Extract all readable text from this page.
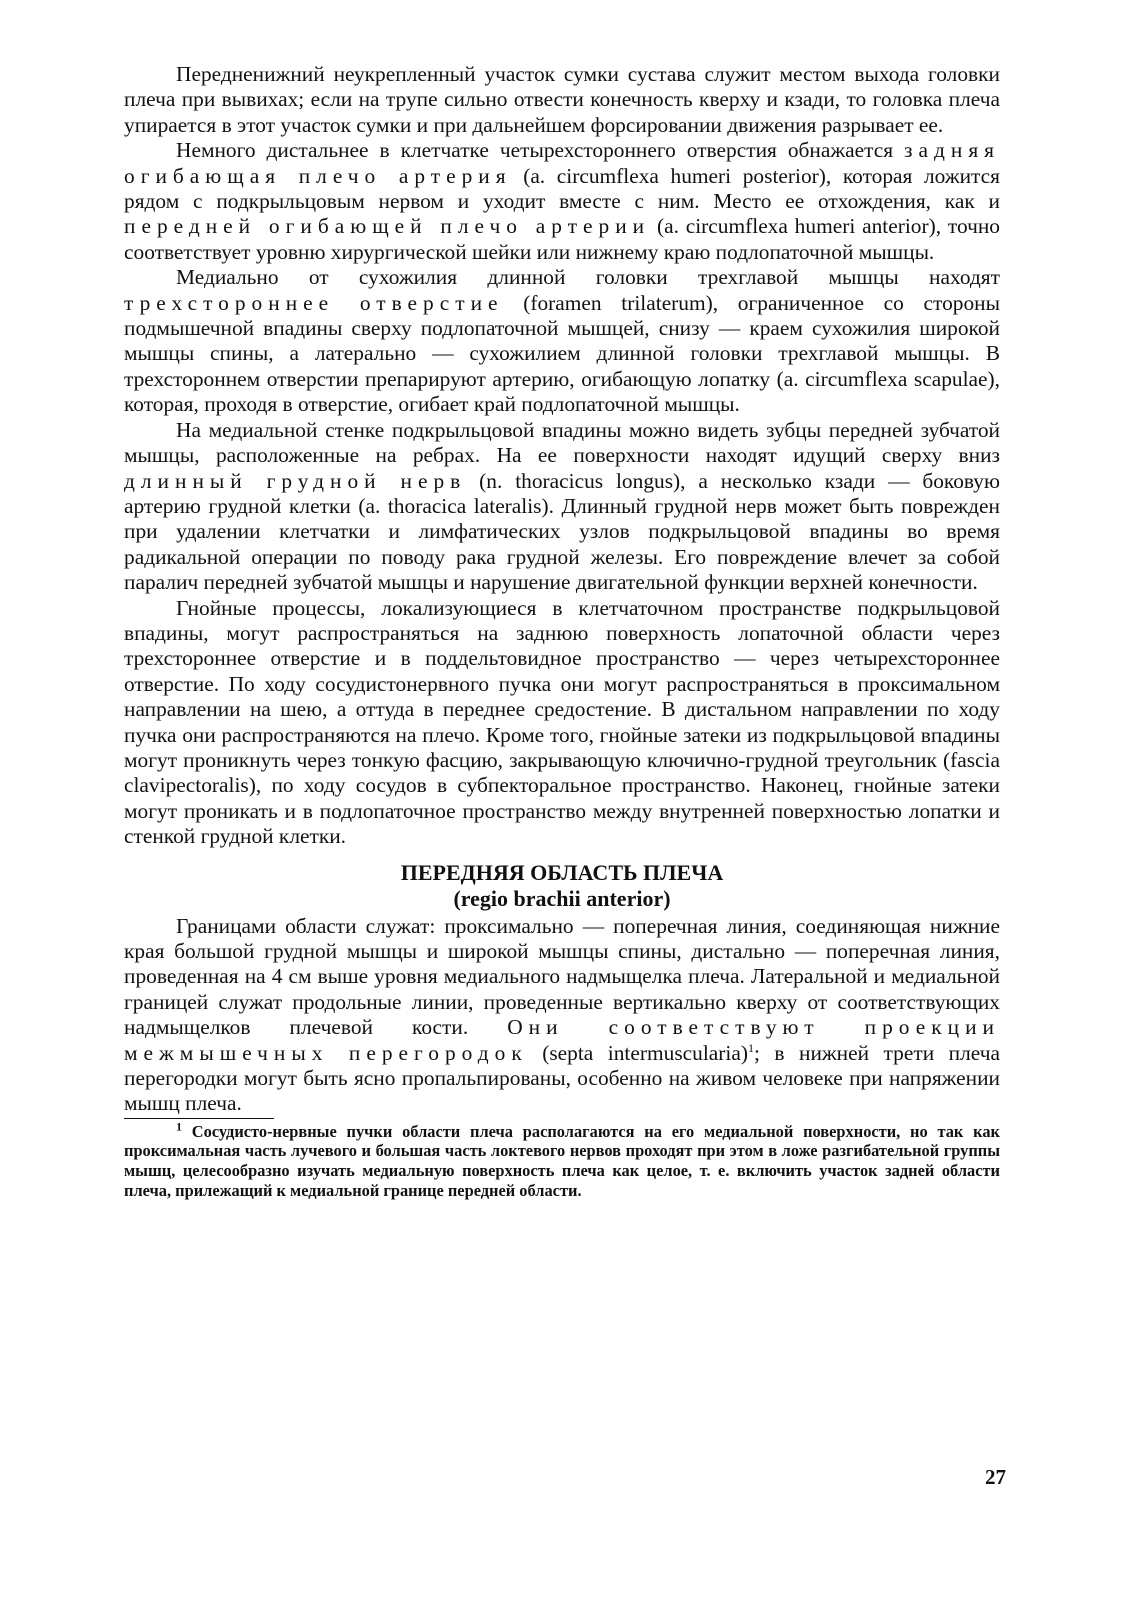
Передненижний неукрепленный участок сумки сустава служит местом выхода головки плеча при вывихах; если на трупе сильно отвести конечность кверху и кзади, то головка плеча упирается в этот участок сумки и при дальнейшем форсировании движения разрывает ее.

Немного дистальнее в клетчатке четырехстороннего отверстия обнажается задняя огибающая плечо артерия (a. circumflexa humeri posterior), которая ложится рядом с подкрыльцовым нервом и уходит вместе с ним. Место ее отхождения, как и передней огибающей плечо артерии (a. circumflexa humeri anterior), точно соответствует уровню хирургической шейки или нижнему краю подлопаточной мышцы.

Медиально от сухожилия длинной головки трехглавой мышцы находят трехстороннее отверстие (foramen trilaterum), ограниченное со стороны подмышечной впадины сверху подлопаточной мышцей, снизу — краем сухожилия широкой мышцы спины, а латерально — сухожилием длинной головки трехглавой мышцы. В трехстороннем отверстии препарируют артерию, огибающую лопатку (a. circumflexa scapulae), которая, проходя в отверстие, огибает край подлопаточной мышцы.

На медиальной стенке подкрыльцовой впадины можно видеть зубцы передней зубчатой мышцы, расположенные на ребрах. На ее поверхности находят идущий сверху вниз длинный грудной нерв (n. thoracicus longus), а несколько кзади — боковую артерию грудной клетки (a. thoracica lateralis). Длинный грудной нерв может быть поврежден при удалении клетчатки и лимфатических узлов подкрыльцовой впадины во время радикальной операции по поводу рака грудной железы. Его повреждение влечет за собой паралич передней зубчатой мышцы и нарушение двигательной функции верхней конечности.

Гнойные процессы, локализующиеся в клетчаточном пространстве подкрыльцовой впадины, могут распространяться на заднюю поверхность лопаточной области через трехстороннее отверстие и в поддельтовидное пространство — через четырехстороннее отверстие. По ходу сосудистонервного пучка они могут распространяться в проксимальном направлении на шею, а оттуда в переднее средостение. В дистальном направлении по ходу пучка они распространяются на плечо. Кроме того, гнойные затеки из подкрыльцовой впадины могут проникнуть через тонкую фасцию, закрывающую ключично-грудной треугольник (fascia clavipectoralis), по ходу сосудов в субпекторальное пространство. Наконец, гнойные затеки могут проникать и в подлопаточное пространство между внутренней поверхностью лопатки и стенкой грудной клетки.

ПЕРЕДНЯЯ ОБЛАСТЬ ПЛЕЧА
(regio brachii anterior)

Границами области служат: проксимально — поперечная линия, соединяющая нижние края большой грудной мышцы и широкой мышцы спины, дистально — поперечная линия, проведенная на 4 см выше уровня медиального надмыщелка плеча. Латеральной и медиальной границей служат продольные линии, проведенные вертикально кверху от соответствующих надмыщелков плечевой кости. Они соответствуют проекции межмышечных перегородок (septa intermuscularia)$^1$; в нижней трети плеча перегородки могут быть ясно пропальпированы, особенно на живом человеке при напряжении мышц плеча.

$^1$ Сосудисто-нервные пучки области плеча располагаются на его медиальной поверхности, но так как проксимальная часть лучевого и большая часть локтевого нервов проходят при этом в ложе разгибательной группы мышц, целесообразно изучать медиальную поверхность плеча как целое, т. е. включить участок задней области плеча, прилежащий к медиальной границе передней области.

27
